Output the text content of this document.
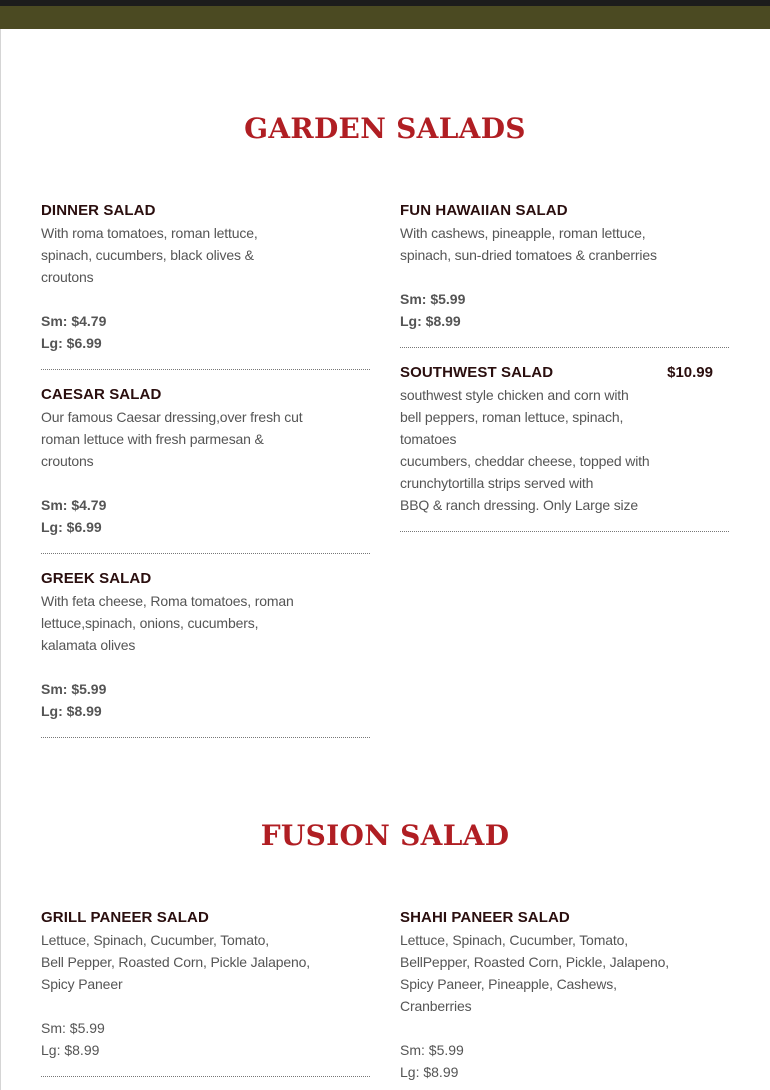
GARDEN SALADS
DINNER SALAD
With roma tomatoes, roman lettuce,
spinach, cucumbers, black olives &
croutons
Sm: $4.79
Lg: $6.99
CAESAR SALAD
Our famous Caesar dressing,over fresh cut
roman lettuce with fresh parmesan &
croutons
Sm: $4.79
Lg: $6.99
GREEK SALAD
With feta cheese, Roma tomatoes, roman
lettuce,spinach, onions, cucumbers,
kalamata olives
Sm: $5.99
Lg: $8.99
FUN HAWAIIAN SALAD
With cashews, pineapple, roman lettuce,
spinach, sun-dried tomatoes & cranberries
Sm: $5.99
Lg: $8.99
SOUTHWEST SALAD	$10.99
southwest style chicken and corn with
bell peppers, roman lettuce, spinach,
tomatoes
cucumbers, cheddar cheese, topped with
crunchytortilla strips served with
BBQ & ranch dressing. Only Large size
FUSION SALAD
GRILL PANEER SALAD
Lettuce, Spinach, Cucumber, Tomato,
Bell Pepper, Roasted Corn, Pickle Jalapeno,
Spicy Paneer
Sm: $5.99
Lg: $8.99
SHAHI PANEER SALAD
Lettuce, Spinach, Cucumber, Tomato,
BellPepper, Roasted Corn, Pickle, Jalapeno,
Spicy Paneer, Pineapple, Cashews,
Cranberries
Sm: $5.99
Lg: $8.99
